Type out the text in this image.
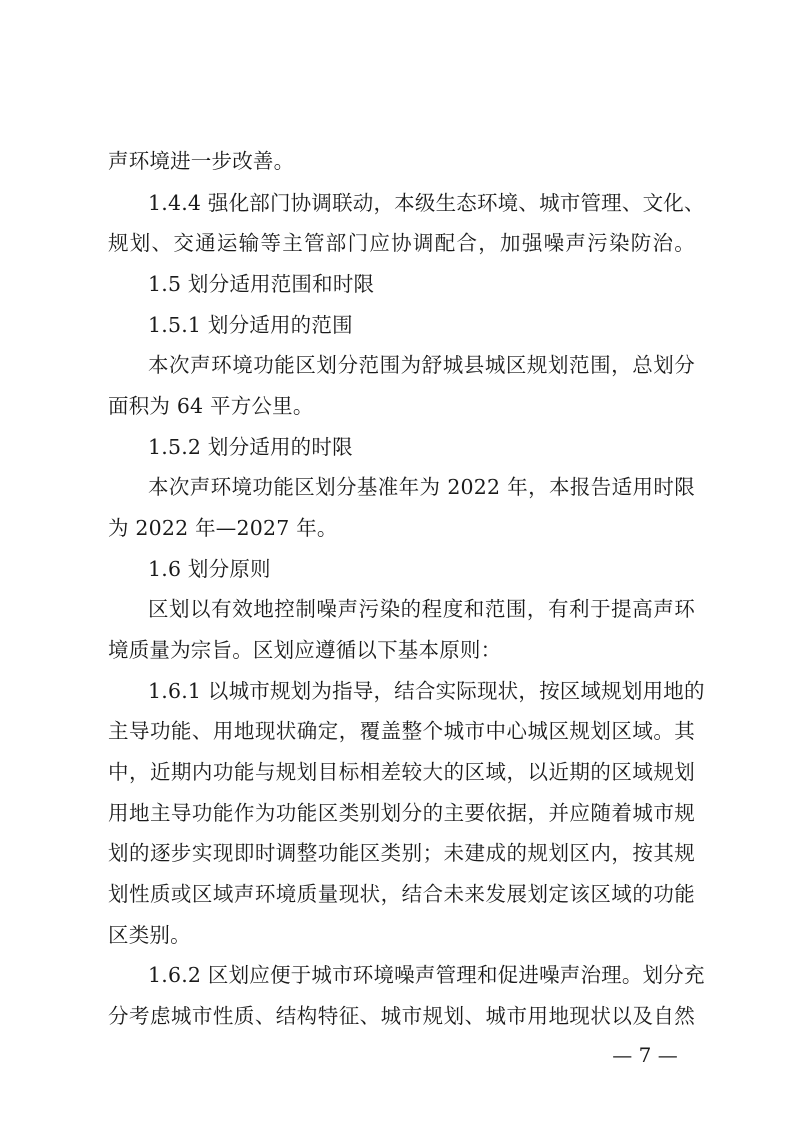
声环境进一步改善。
1.4.4 强化部门协调联动，本级生态环境、城市管理、文化、
规划、交通运输等主管部门应协调配合，加强噪声污染防治。
1.5 划分适用范围和时限
1.5.1 划分适用的范围
本次声环境功能区划分范围为舒城县城区规划范围，总划分
面积为 64 平方公里。
1.5.2 划分适用的时限
本次声环境功能区划分基准年为 2022 年，本报告适用时限
为 2022 年—2027 年。
1.6 划分原则
区划以有效地控制噪声污染的程度和范围，有利于提高声环
境质量为宗旨。区划应遵循以下基本原则：
1.6.1 以城市规划为指导，结合实际现状，按区域规划用地的
主导功能、用地现状确定，覆盖整个城市中心城区规划区域。其
中，近期内功能与规划目标相差较大的区域，以近期的区域规划
用地主导功能作为功能区类别划分的主要依据，并应随着城市规
划的逐步实现即时调整功能区类别；未建成的规划区内，按其规
划性质或区域声环境质量现状，结合未来发展划定该区域的功能
区类别。
1.6.2 区划应便于城市环境噪声管理和促进噪声治理。划分充
分考虑城市性质、结构特征、城市规划、城市用地现状以及自然
— 7 —
